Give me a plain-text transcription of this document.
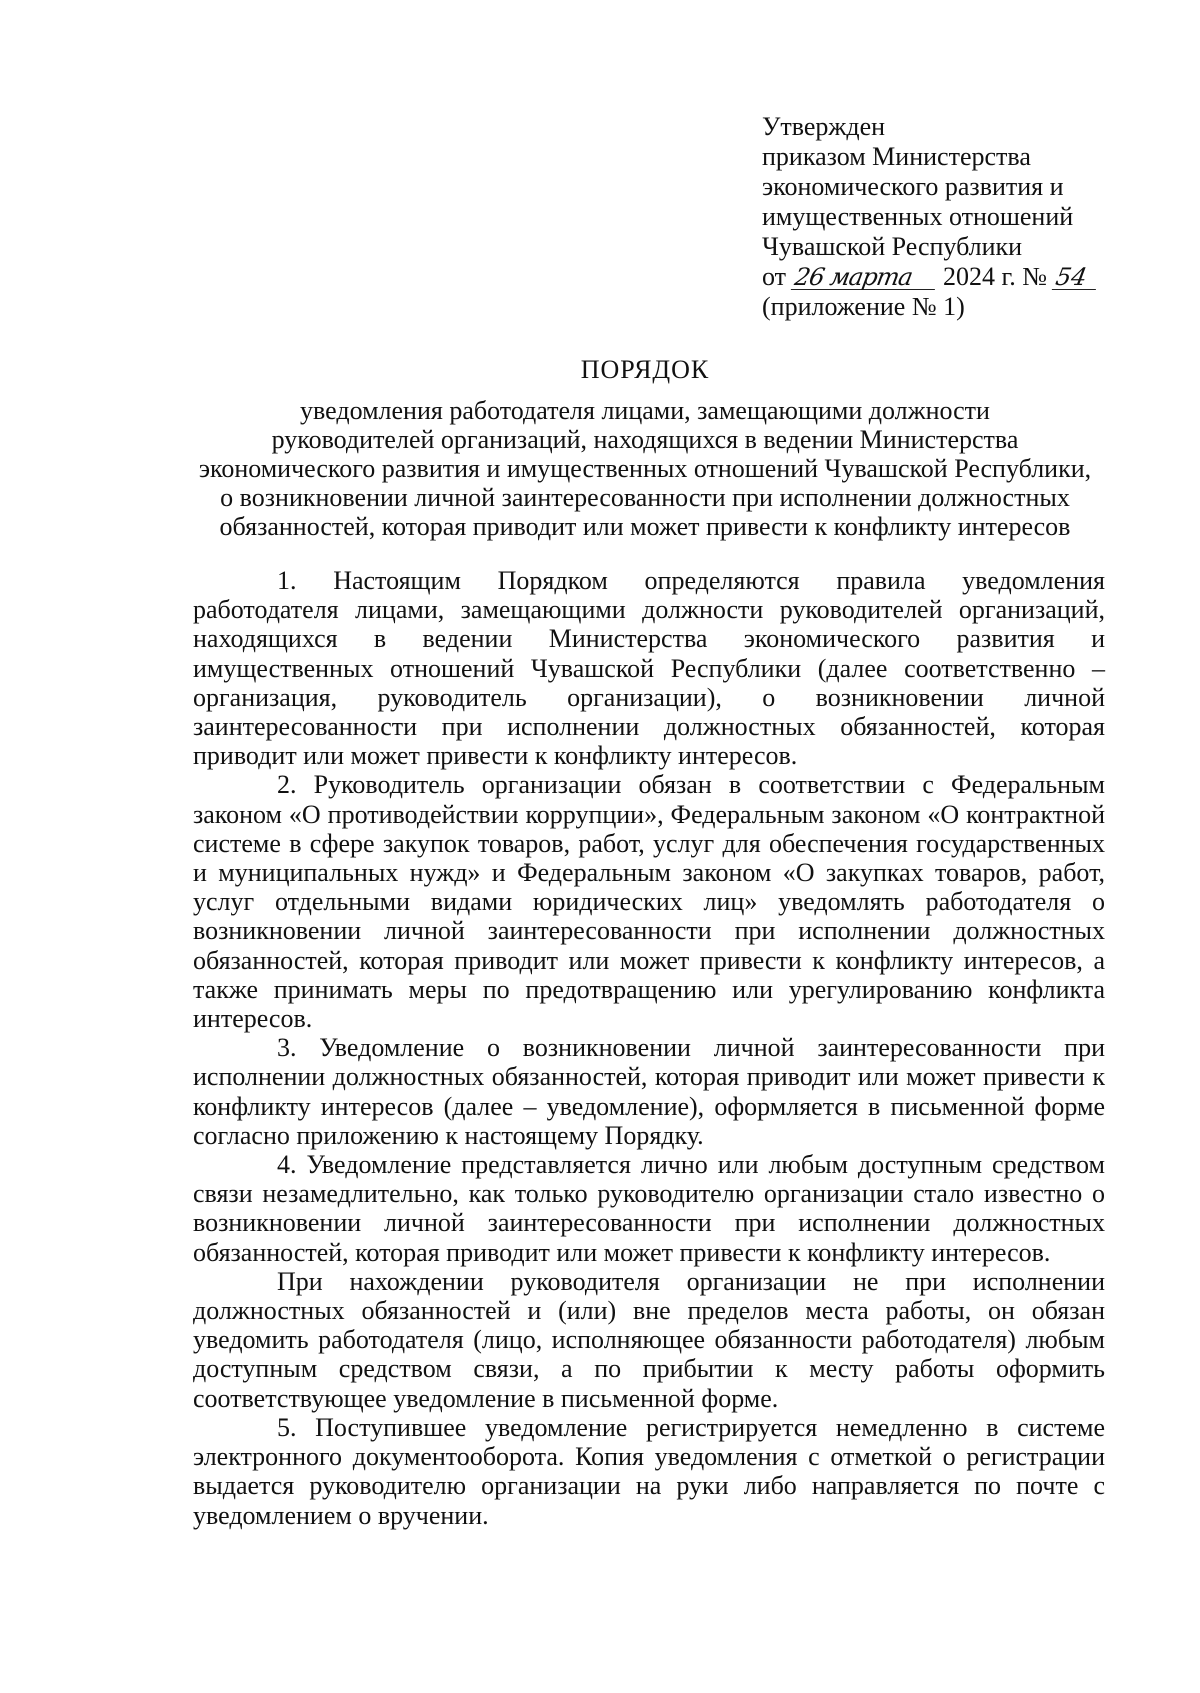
Утвержден
приказом Министерства
экономического развития и
имущественных отношений
Чувашской Республики
от 26 марта 2024 г. № 54
(приложение № 1)
ПОРЯДОК
уведомления работодателя лицами, замещающими должности
руководителей организаций, находящихся в ведении Министерства
экономического развития и имущественных отношений Чувашской Республики,
о возникновении личной заинтересованности при исполнении должностных
обязанностей, которая приводит или может привести к конфликту интересов

1. Настоящим Порядком определяются правила уведомления работодателя лицами, замещающими должности руководителей организаций, находящихся в ведении Министерства экономического развития и имущественных отношений Чувашской Республики (далее соответственно – организация, руководитель организации), о возникновении личной заинтересованности при исполнении должностных обязанностей, которая приводит или может привести к конфликту интересов.

2. Руководитель организации обязан в соответствии с Федеральным законом «О противодействии коррупции», Федеральным законом «О контрактной системе в сфере закупок товаров, работ, услуг для обеспечения государственных и муниципальных нужд» и Федеральным законом «О закупках товаров, работ, услуг отдельными видами юридических лиц» уведомлять работодателя о возникновении личной заинтересованности при исполнении должностных обязанностей, которая приводит или может привести к конфликту интересов, а также принимать меры по предотвращению или урегулированию конфликта интересов.

3. Уведомление о возникновении личной заинтересованности при исполнении должностных обязанностей, которая приводит или может привести к конфликту интересов (далее – уведомление), оформляется в письменной форме согласно приложению к настоящему Порядку.

4. Уведомление представляется лично или любым доступным средством связи незамедлительно, как только руководителю организации стало известно о возникновении личной заинтересованности при исполнении должностных обязанностей, которая приводит или может привести к конфликту интересов.

При нахождении руководителя организации не при исполнении должностных обязанностей и (или) вне пределов места работы, он обязан уведомить работодателя (лицо, исполняющее обязанности работодателя) любым доступным средством связи, а по прибытии к месту работы оформить соответствующее уведомление в письменной форме.

5. Поступившее уведомление регистрируется немедленно в системе электронного документооборота. Копия уведомления с отметкой о регистрации выдается руководителю организации на руки либо направляется по почте с уведомлением о вручении.
